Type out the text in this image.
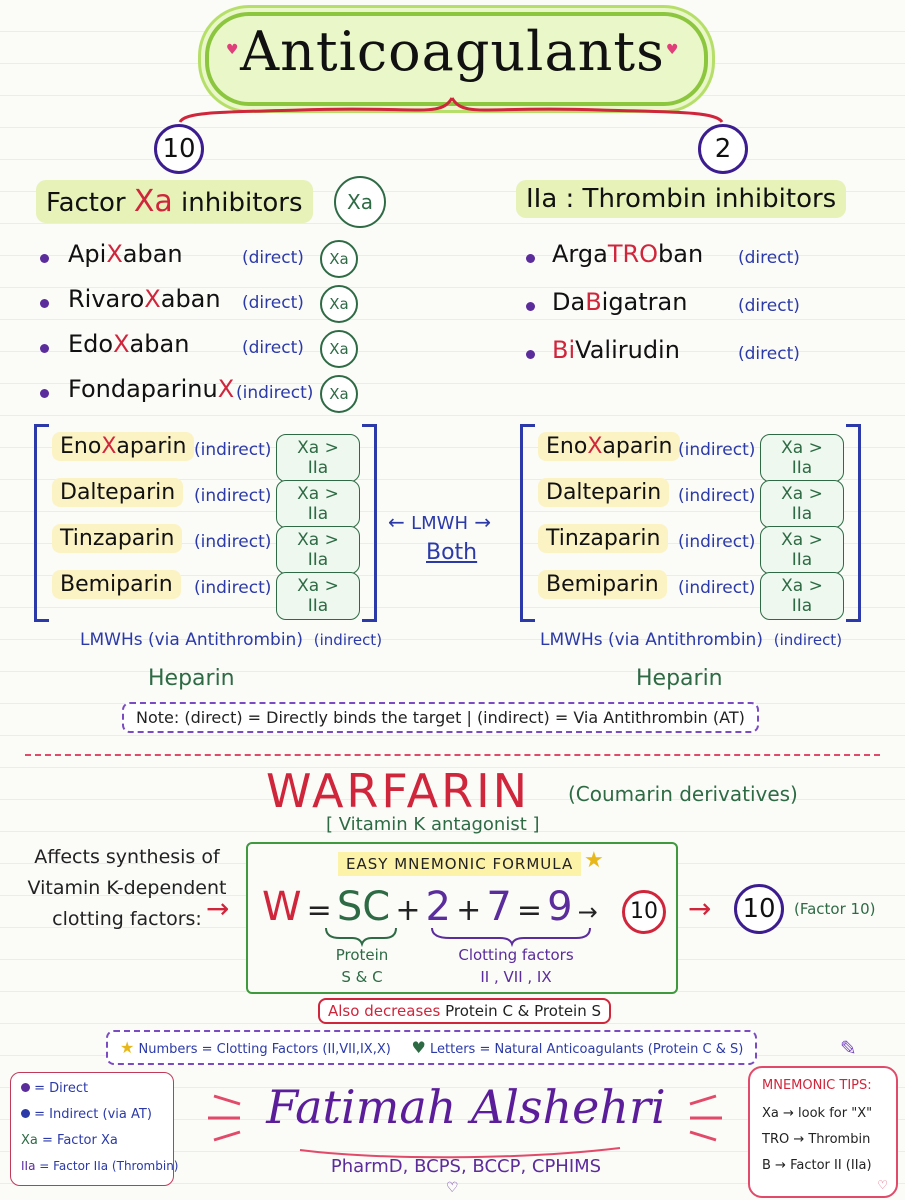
Anticoagulants
♥	♥
10
Factor Xa inhibitors	Xa
ApiXaban	(direct)	Xa
RivaroXaban (direct)	Xa
EdoXaban	(direct)	Xa
FondaparinuX (indirect)	Xa
EnoXaparin (indirect)	Xa > IIa
Dalteparin	(indirect)	Xa > IIa
Tinzaparin	(indirect)	Xa > IIa
Bemiparin	(indirect)	Xa > IIa
LMWHs (via Antithrombin) (indirect)
Heparin
2
IIa : Thrombin inhibitors
ArgaTROban (direct)
DaBigatran	(direct)
BiValirudin	(direct)
EnoXaparin (indirect)	Xa > IIa
Dalteparin (indirect)	Xa > IIa
Tinzaparin	(indirect)	Xa > IIa
Bemiparin	(indirect)	Xa > IIa
LMWHs (via Antithrombin) (indirect)
Heparin
← LMWH →
Both
Note: (direct) = Directly binds the target | (indirect) = Via Antithrombin (AT)
WARFARIN (Coumarin derivatives)
[ Vitamin K antagonist ]
Affects synthesis of
Vitamin K-dependent
clotting factors: →
EASY MNEMONIC FORMULA ★
W = SC + 2 + 7 = 9 →	10
Protein
S & C
Clotting factors
II , VII , IX
→	10	(Factor 10)
Also decreases Protein C & Protein S
★ Numbers = Clotting Factors (II,VII,IX,X) ♥ Letters = Natural Anticoagulants (Protein C & S)
= Direct
= Indirect (via AT)
Xa = Factor Xa
IIa = Factor IIa (Thrombin)
Fatimah Alshehri
PharmD, BCPS, BCCP, CPHIMS
♡
✎
MNEMONIC TIPS:
Xa → look for "X"
TRO → Thrombin
B → Factor II (IIa)
♡
